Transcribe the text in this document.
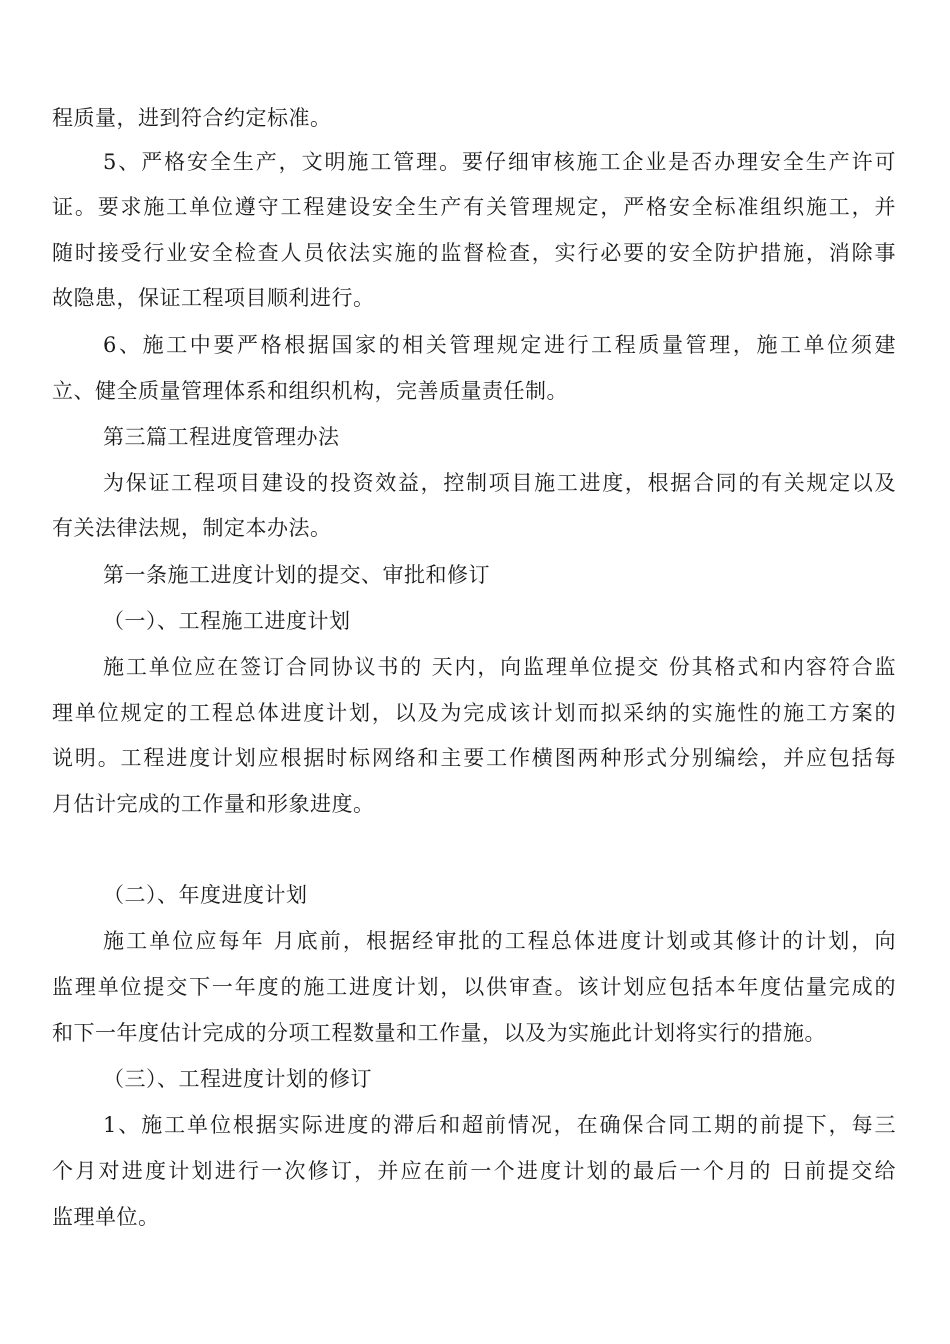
程质量，进到符合约定标准。
5、严格安全生产，文明施工管理。要仔细审核施工企业是否办理安全生产许可
证。要求施工单位遵守工程建设安全生产有关管理规定，严格安全标准组织施工，并
随时接受行业安全检查人员依法实施的监督检查，实行必要的安全防护措施，消除事
故隐患，保证工程项目顺利进行。
6、施工中要严格根据国家的相关管理规定进行工程质量管理，施工单位须建
立、健全质量管理体系和组织机构，完善质量责任制。
第三篇工程进度管理办法
为保证工程项目建设的投资效益，控制项目施工进度，根据合同的有关规定以及
有关法律法规，制定本办法。
第一条施工进度计划的提交、审批和修订
（一）、工程施工进度计划
施工单位应在签订合同协议书的 天内，向监理单位提交 份其格式和内容符合监
理单位规定的工程总体进度计划，以及为完成该计划而拟采纳的实施性的施工方案的
说明。工程进度计划应根据时标网络和主要工作横图两种形式分别编绘，并应包括每
月估计完成的工作量和形象进度。
（二）、年度进度计划
施工单位应每年 月底前，根据经审批的工程总体进度计划或其修计的计划，向
监理单位提交下一年度的施工进度计划，以供审查。该计划应包括本年度估量完成的
和下一年度估计完成的分项工程数量和工作量，以及为实施此计划将实行的措施。
（三）、工程进度计划的修订
1、施工单位根据实际进度的滞后和超前情况，在确保合同工期的前提下，每三
个月对进度计划进行一次修订，并应在前一个进度计划的最后一个月的 日前提交给
监理单位。
